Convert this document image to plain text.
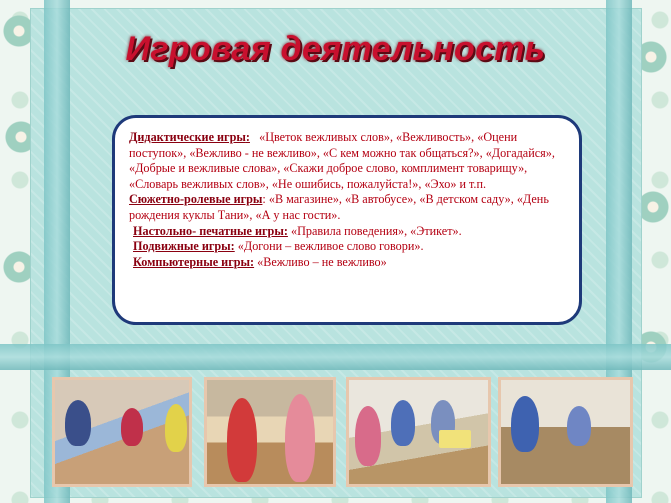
Игровая деятельность

Дидактические игры: «Цветок вежливых слов», «Вежливость», «Оцени поступок», «Вежливо - не вежливо», «С кем можно так общаться?», «Догадайся», «Добрые и вежливые слова», «Скажи доброе слово, комплимент товарищу», «Словарь вежливых слов», «Не ошибись, пожалуйста!», «Эхо» и т.п.

Сюжетно-ролевые игры: «В магазине», «В автобусе», «В детском саду», «День рождения куклы Тани», «А у нас гости».

Настольно- печатные игры: «Правила поведения», «Этикет».

Подвижные игры: «Догони – вежливое слово говори».

Компьютерные игры: «Вежливо – не вежливо»
